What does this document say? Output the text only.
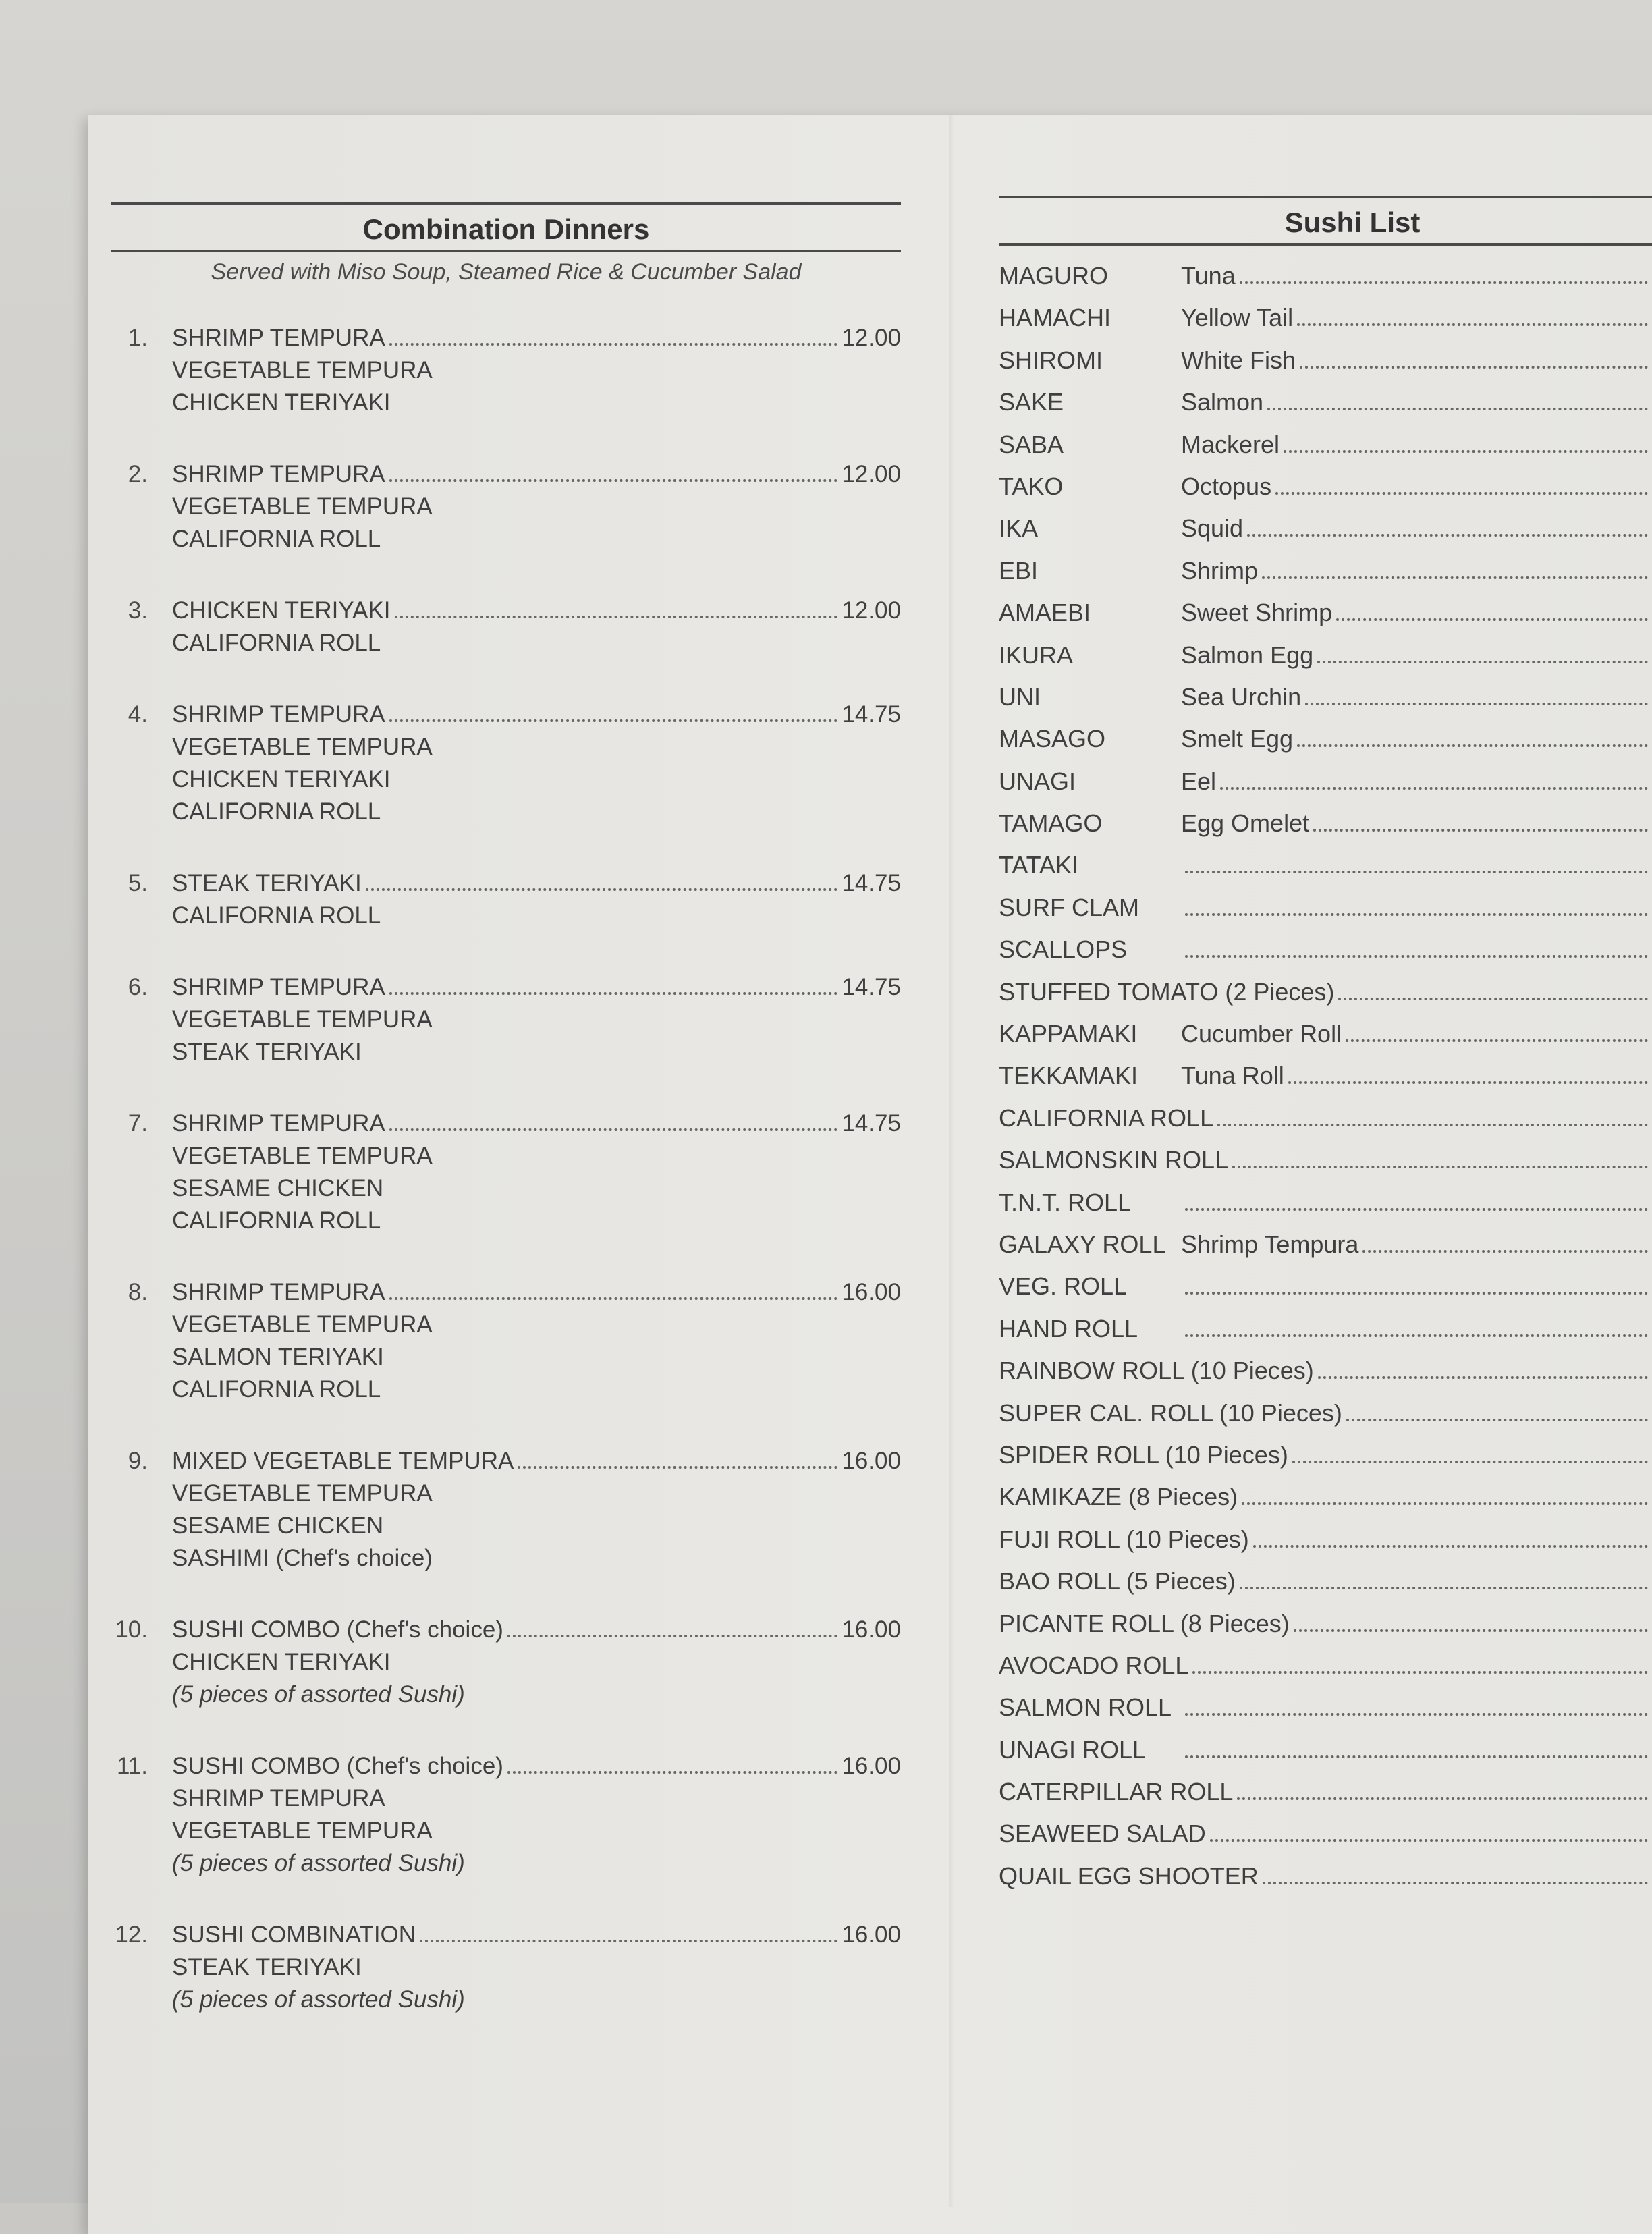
Combination Dinners
Served with Miso Soup, Steamed Rice & Cucumber Salad
1.	SHRIMP TEMPURA	12.00
VEGETABLE TEMPURA
CHICKEN TERIYAKI
2.	SHRIMP TEMPURA	12.00
VEGETABLE TEMPURA
CALIFORNIA ROLL
3.	CHICKEN TERIYAKI	12.00
CALIFORNIA ROLL
4.	SHRIMP TEMPURA	14.75
VEGETABLE TEMPURA
CHICKEN TERIYAKI
CALIFORNIA ROLL
5.	STEAK TERIYAKI	14.75
CALIFORNIA ROLL
6.	SHRIMP TEMPURA	14.75
VEGETABLE TEMPURA
STEAK TERIYAKI
7.	SHRIMP TEMPURA	14.75
VEGETABLE TEMPURA
SESAME CHICKEN
CALIFORNIA ROLL
8.	SHRIMP TEMPURA	16.00
VEGETABLE TEMPURA
SALMON TERIYAKI
CALIFORNIA ROLL
9.	MIXED VEGETABLE TEMPURA	16.00
VEGETABLE TEMPURA
SESAME CHICKEN
SASHIMI (Chef's choice)
10.	SUSHI COMBO (Chef's choice)	16.00
CHICKEN TERIYAKI
(5 pieces of assorted Sushi)
11.	SUSHI COMBO (Chef's choice)	16.00
SHRIMP TEMPURA
VEGETABLE TEMPURA
(5 pieces of assorted Sushi)
12.	SUSHI COMBINATION	16.00
STEAK TERIYAKI
(5 pieces of assorted Sushi)
Sushi List
MAGURO	Tuna
HAMACHI	Yellow Tail
SHIROMI	White Fish
SAKE	Salmon
SABA	Mackerel
TAKO	Octopus
IKA	Squid
EBI	Shrimp
AMAEBI	Sweet Shrimp
IKURA	Salmon Egg
UNI	Sea Urchin
MASAGO	Smelt Egg
UNAGI	Eel
TAMAGO	Egg Omelet
TATAKI
SURF CLAM
SCALLOPS
STUFFED TOMATO (2 Pieces)
KAPPAMAKI	Cucumber Roll
TEKKAMAKI	Tuna Roll
CALIFORNIA ROLL
SALMONSKIN ROLL
T.N.T. ROLL
GALAXY ROLL Shrimp Tempura
VEG. ROLL
HAND ROLL
RAINBOW ROLL (10 Pieces)
SUPER CAL. ROLL (10 Pieces)
SPIDER ROLL (10 Pieces)
KAMIKAZE (8 Pieces)
FUJI ROLL (10 Pieces)
BAO ROLL (5 Pieces)
PICANTE ROLL (8 Pieces)
AVOCADO ROLL
SALMON ROLL
UNAGI ROLL
CATERPILLAR ROLL
SEAWEED SALAD
QUAIL EGG SHOOTER
